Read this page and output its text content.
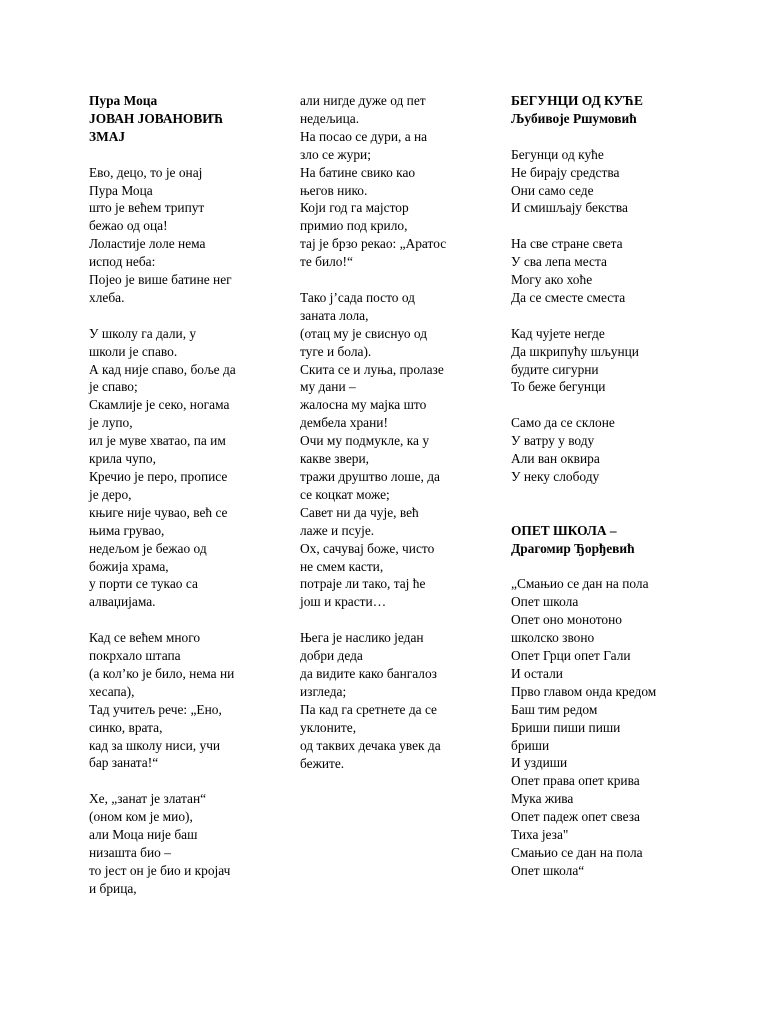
Пура Моца
ЈОВАН ЈОВАНОВИЋ
ЗМАЈ
Ево, децо, то је онај
Пура Моца
што је већем трипут
бежао од оца!
Лоластије лоле нема
испод неба:
Појео је више батине нег
хлеба.
У школу га дали, у
школи је спаво.
А кад није спаво, боље да
је спаво;
Скамлије је секо, ногама
је лупо,
ил је муве хватао, па им
крила чупо,
Кречио је перо, прописе
је деро,
књиге није чувао, већ се
њима грувао,
недељом је бежао од
божија храма,
у порти се тукао са
алваџијама.
Кад се већем много
покрхало штапа
(а кол’ко је било, нема ни
хесапа),
Тад учитељ рече: „Ено,
синко, врата,
кад за школу ниси, учи
бар заната!“
Хе, „занат је златан“
(оном ком је мио),
али Моца није баш
низашта био –
то јест он је био и кројач
и брица,
али нигде дуже од пет
недељица.
На посао се дури, а на
зло се жури;
На батине свико као
његов нико.
Који год га мајстор
примио под крило,
тај је брзо рекао: „Аратос
те било!“
Тако ј’сада посто од
заната лола,
(отац му је свиснуо од
туге и бола).
Скита се и луња, пролазе
му дани –
жалосна му мајка што
дембела храни!
Очи му подмукле, ка у
какве звери,
тражи друштво лоше, да
се коцкат може;
Савет ни да чује, већ
лаже и псује.
Ох, сачувај боже, чисто
не смем касти,
потраје ли тако, тај ће
још и красти…
Њега је наслико један
добри деда
да видите како бангалоз
изгледа;
Па кад га сретнете да се
уклоните,
од таквих дечака увек да
бежите.
БЕГУНЦИ ОД КУЋЕ
Љубивоје Ршумовић
Бегунци од куће
Не бирају средства
Они само седе
И смишљају бекства
На све стране света
У сва лепа места
Могу ако хоће
Да се сместе сместа
Кад чујете негде
Да шкрипућу шљунци
будите сигурни
То беже бегунци
Само да се склоне
У ватру у воду
Али ван оквира
У неку слободу
ОПЕТ ШКОЛА –
Драгомир Ђорђевић
„Смањио се дан на пола
Опет школа
Опет оно монотоно
школско звоно
Опет Грци опет Гали
И остали
Прво главом онда кредом
Баш тим редом
Бриши пиши пиши
бриши
И уздиши
Опет права опет крива
Мука жива
Опет падеж опет свеза
Тиха језа"
Смањио се дан на пола
Опет школа“
